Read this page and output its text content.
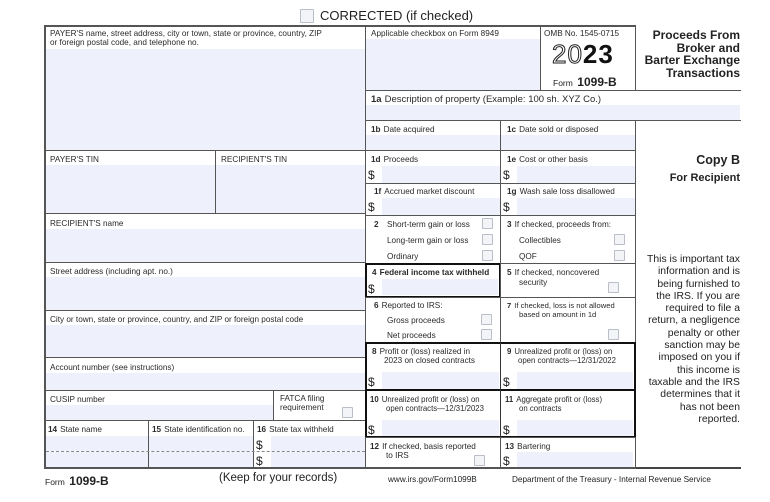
CORRECTED (if checked)
PAYER'S name, street address, city or town, state or province, country, ZIP
or foreign postal code, and telephone no.
PAYER'S TIN	RECIPIENT'S TIN
RECIPIENT'S name
Street address (including apt. no.)
City or town, state or province, country, and ZIP or foreign postal code
Account number (see instructions)
CUSIP number	FATCA filing
requirement
14 State name	15 State identification no. 16 State tax withheld
$
$
Applicable checkbox on Form 8949	OMB No. 1545-0715
2023
Form 1099-B
Proceeds From
Broker and
Barter Exchange
Transactions
1a Description of property (Example: 100 sh. XYZ Co.)
1b Date acquired	1c Date sold or disposed
1d Proceeds
$
1e Cost or other basis
$
1f Accrued market discount
$
1g Wash sale loss disallowed
$
2 Short-term gain or loss
Long-term gain or loss
Ordinary
3 If checked, proceeds from:
Collectibles
QOF
4 Federal income tax withheld
$
5 If checked, noncovered
security
6 Reported to IRS:
Gross proceeds
Net proceeds
7 If checked, loss is not allowed
based on amount in 1d
8 Profit or (loss) realized in
2023 on closed contracts
$
9 Unrealized profit or (loss) on
open contracts—12/31/2022
$
10 Unrealized profit or (loss) on
open contracts—12/31/2023
$
11 Aggregate profit or (loss)
on contracts
$
12 If checked, basis reported
to IRS
13 Bartering
$
Copy B
For Recipient
This is important tax
information and is
being furnished to
the IRS. If you are
required to file a
return, a negligence
penalty or other
sanction may be
imposed on you if
this income is
taxable and the IRS
determines that it
has not been
reported.
Form 1099-B	(Keep for your records)	www.irs.gov/Form1099B	Department of the Treasury - Internal Revenue Service
